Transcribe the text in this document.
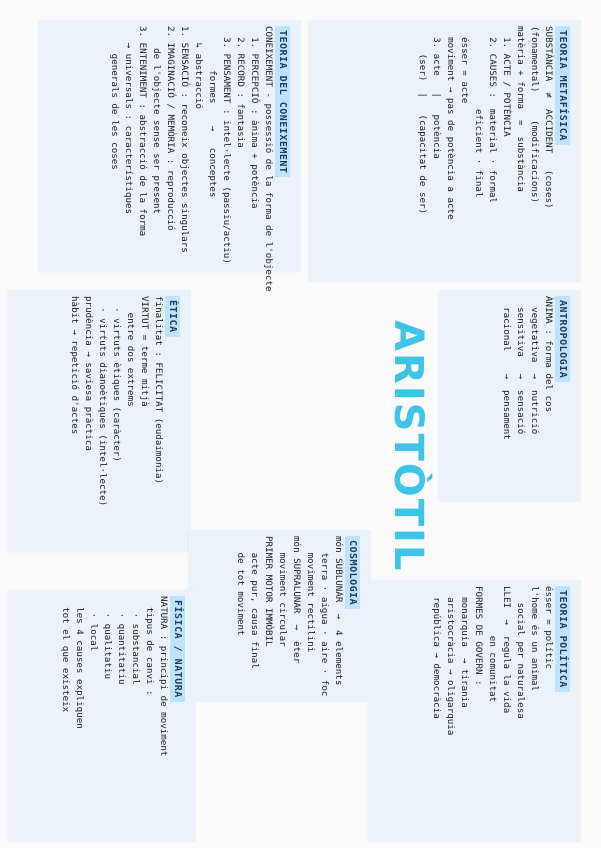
TEORIA DEL CONEIXEMENT
CONEIXEMENT - possessió de la forma de l'objecte
1. PERCEPCIÓ : ànima + potència
2. RECORD : fantasia
3. PENSAMENT : intel·lecte (passiu/actiu)
formes    →   conceptes
↳ abstracció
1. SENSACIÓ : reconeix objectes singulars
2. IMAGINACIÓ / MEMÒRIA : reproducció
de l'objecte sense ser present
3. ENTENIMENT : abstracció de la forma
→ universals : característiques
generals de les coses	TEORIA METAFÍSICA
SUBSTÀNCIA  ≠  ACCIDENT   (coses)
(fonamental)     (modificacions)
matèria + forma  =  substància
1. ACTE / POTÈNCIA
2. CAUSES :  material · formal
eficient · final
ésser = acte
moviment → pas de potència a acte
3. acte   |   potència
(ser)  |   (capacitat de ser)
TEORIA POLÍTICA
ésser = polític
l'home és un animal
social per naturalesa
LLEI  →  regula la vida
en comunitat
FORMES DE GOVERN :
monarquia  → tirania
aristocràcia → oligarquia
república → democràcia
ÈTICA
finalitat : FELICITAT (eudaimonia)
VIRTUT = terme mitjà
entre dos extrems
· virtuts ètiques (caràcter)
· virtuts dianoètiques (intel·lecte)
prudència → saviesa pràctica
hàbit → repetició d'actes
COSMOLOGIA
món SUBLUNAR  →  4 elements
terra · aigua · aire · foc
moviment rectilini
món SUPRALUNAR  →  èter
moviment circular
PRIMER MOTOR IMMÒBIL
acte pur, causa final
de tot moviment
FÍSICA / NATURA
NATURA : principi de moviment
tipus de canvi :
· substancial
· quantitatiu
· qualitatiu
· local
les 4 causes expliquen
tot el que existeix
ANTROPOLOGIA
ÀNIMA : forma del cos
vegetativa  →  nutrició
sensitiva   →  sensació
racional    →  pensament
ARISTÒTIL
